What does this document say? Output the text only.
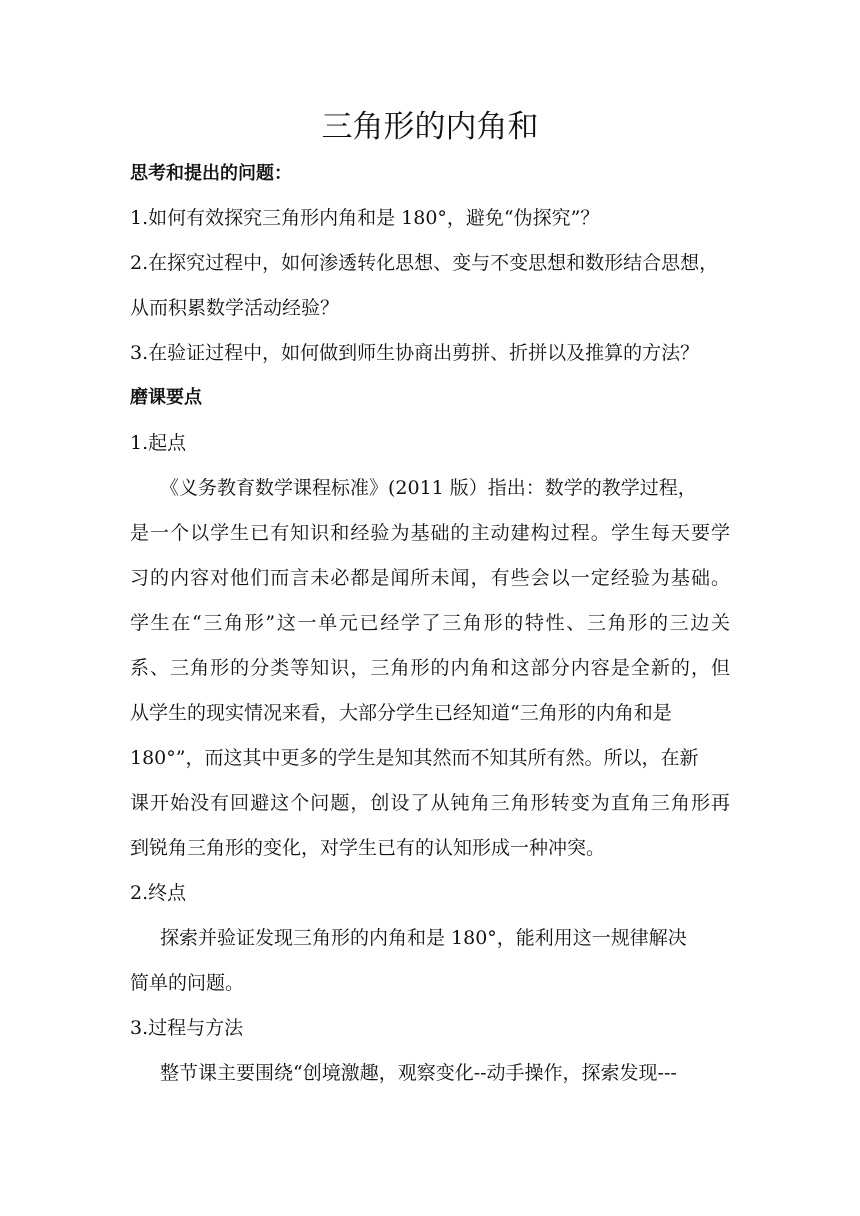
三角形的内角和
思考和提出的问题：
1.如何有效探究三角形内角和是 180°，避免“伪探究”？
2.在探究过程中，如何渗透转化思想、变与不变思想和数形结合思想，
从而积累数学活动经验？
3.在验证过程中，如何做到师生协商出剪拼、折拼以及推算的方法？
磨课要点
1.起点
《义务教育数学课程标准》(2011 版）指出：数学的教学过程，
是一个以学生已有知识和经验为基础的主动建构过程。学生每天要学
习的内容对他们而言未必都是闻所未闻，有些会以一定经验为基础。
学生在“三角形”这一单元已经学了三角形的特性、三角形的三边关
系、三角形的分类等知识，三角形的内角和这部分内容是全新的，但
从学生的现实情况来看，大部分学生已经知道“三角形的内角和是
180°”，而这其中更多的学生是知其然而不知其所有然。所以，在新
课开始没有回避这个问题，创设了从钝角三角形转变为直角三角形再
到锐角三角形的变化，对学生已有的认知形成一种冲突。
2.终点
探索并验证发现三角形的内角和是 180°，能利用这一规律解决
简单的问题。
3.过程与方法
整节课主要围绕“创境激趣，观察变化--动手操作，探索发现---
